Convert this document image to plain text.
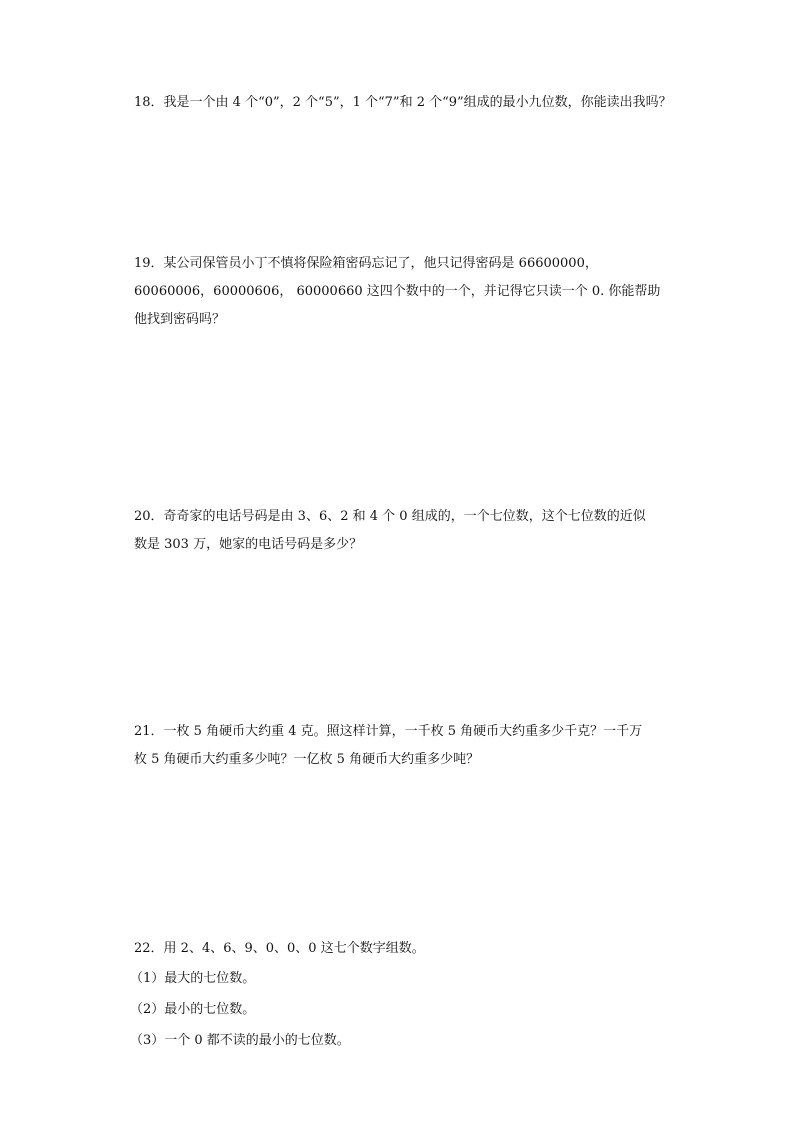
18．我是一个由 4 个“0”，2 个“5”，1 个“7”和 2 个“9”组成的最小九位数，你能读出我吗？
19．某公司保管员小丁不慎将保险箱密码忘记了，他只记得密码是 66600000，
60060006，60000606， 60000660 这四个数中的一个，并记得它只读一个 0. 你能帮助
他找到密码吗？
20．奇奇家的电话号码是由 3、6、2 和 4 个 0 组成的，一个七位数，这个七位数的近似
数是 303 万，她家的电话号码是多少？
21．一枚 5 角硬币大约重 4 克。照这样计算，一千枚 5 角硬币大约重多少千克？一千万
枚 5 角硬币大约重多少吨？一亿枚 5 角硬币大约重多少吨？
22．用 2、4、6、9、0、0、0 这七个数字组数。
（1）最大的七位数。
（2）最小的七位数。
（3）一个 0 都不读的最小的七位数。
